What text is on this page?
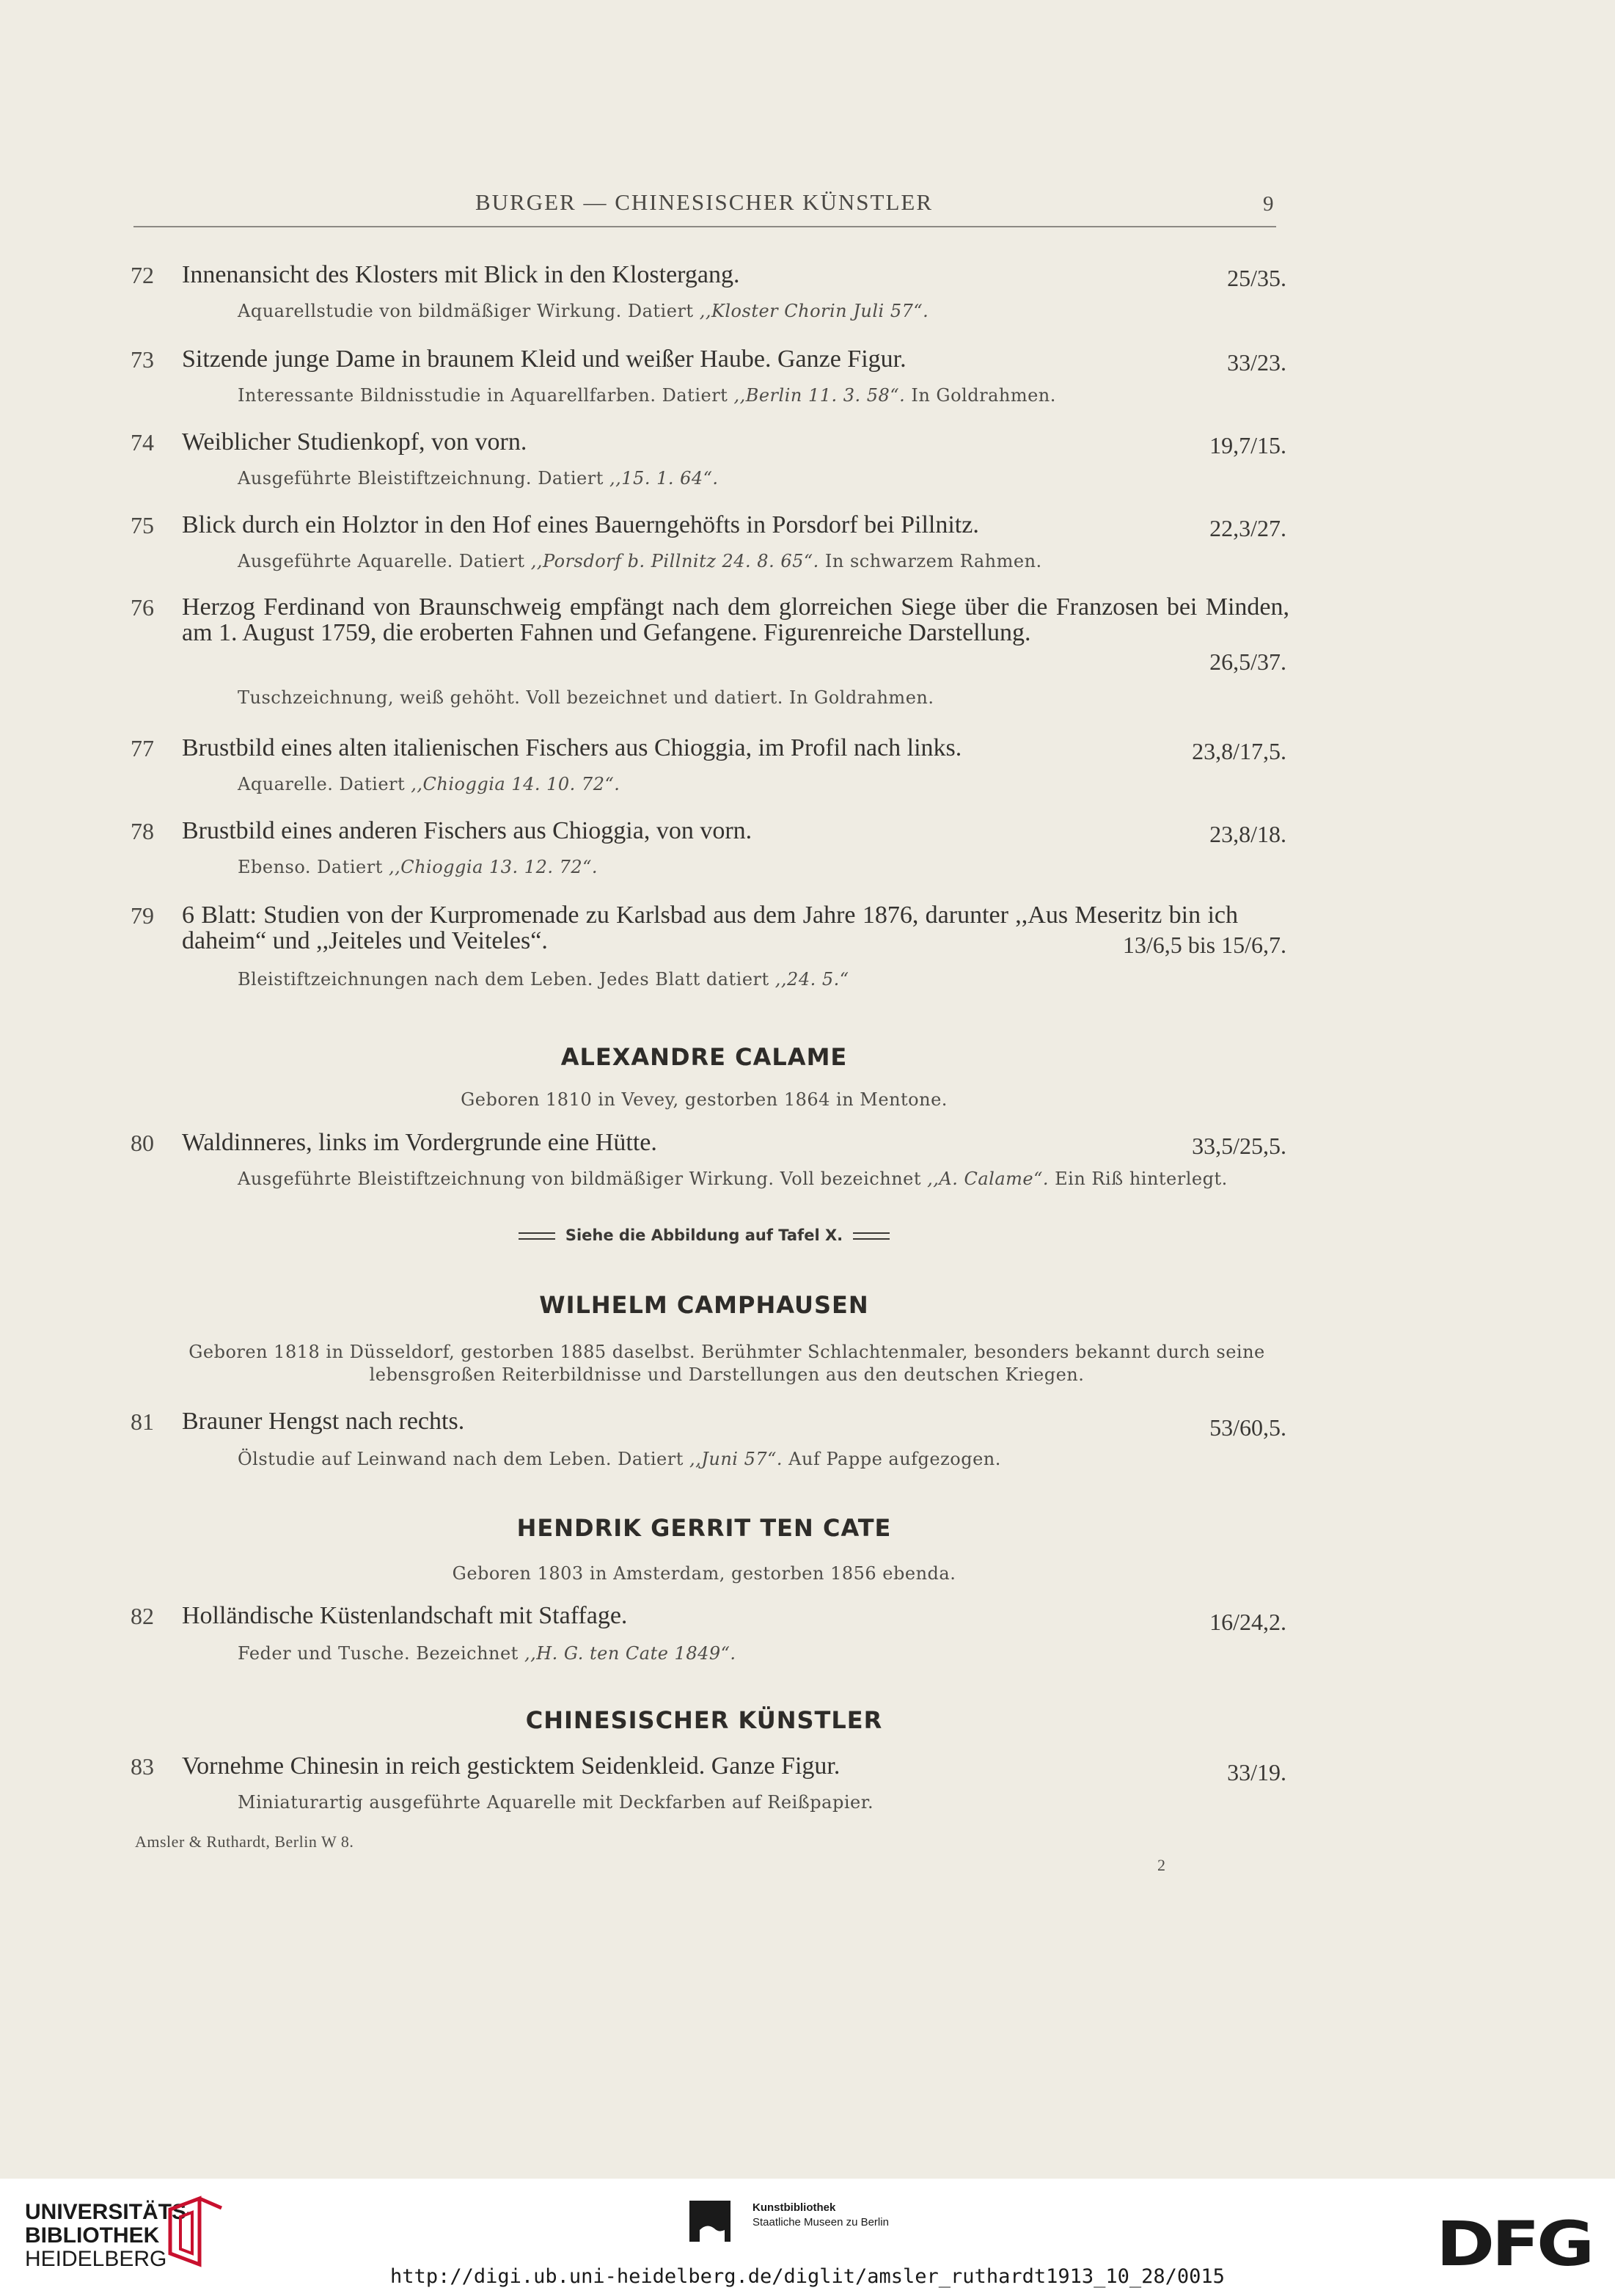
BURGER — CHINESISCHER KÜNSTLER	9
72 Innenansicht des Klosters mit Blick in den Klostergang.	25/35.
Aquarellstudie von bildmäßiger Wirkung. Datiert ,,Kloster Chorin Juli 57“.
73 Sitzende junge Dame in braunem Kleid und weißer Haube. Ganze Figur.	33/23.
Interessante Bildnisstudie in Aquarellfarben. Datiert ,,Berlin 11. 3. 58“. In Goldrahmen.
74 Weiblicher Studienkopf, von vorn.	19,7/15.
Ausgeführte Bleistiftzeichnung. Datiert ,,15. 1. 64“.
75 Blick durch ein Holztor in den Hof eines Bauerngehöfts in Porsdorf bei Pillnitz.	22,3/27.
Ausgeführte Aquarelle. Datiert ,,Porsdorf b. Pillnitz 24. 8. 65“. In schwarzem Rahmen.
76 Herzog Ferdinand von Braunschweig empfängt nach dem glorreichen Siege über die Franzosen bei Minden, am 1. August 1759, die eroberten Fahnen und Gefangene. Figurenreiche Darstellung.
26,5/37.
Tuschzeichnung, weiß gehöht. Voll bezeichnet und datiert. In Goldrahmen.
77 Brustbild eines alten italienischen Fischers aus Chioggia, im Profil nach links.	23,8/17,5.
Aquarelle. Datiert ,,Chioggia 14. 10. 72“.
78 Brustbild eines anderen Fischers aus Chioggia, von vorn.	23,8/18.
Ebenso. Datiert ,,Chioggia 13. 12. 72“.
79 6 Blatt: Studien von der Kurpromenade zu Karlsbad aus dem Jahre 1876, darunter ,,Aus Meseritz bin ich daheim“ und ,,Jeiteles und Veiteles“.	13/6,5 bis 15/6,7.
Bleistiftzeichnungen nach dem Leben. Jedes Blatt datiert ,,24. 5.“
ALEXANDRE CALAME
Geboren 1810 in Vevey, gestorben 1864 in Mentone.
80 Waldinneres, links im Vordergrunde eine Hütte.	33,5/25,5.
Ausgeführte Bleistiftzeichnung von bildmäßiger Wirkung. Voll bezeichnet ,,A. Calame“. Ein Riß hinterlegt.
Siehe die Abbildung auf Tafel X.
WILHELM CAMPHAUSEN
Geboren 1818 in Düsseldorf, gestorben 1885 daselbst. Berühmter Schlachtenmaler, besonders bekannt durch seine lebensgroßen Reiterbildnisse und Darstellungen aus den deutschen Kriegen.
81 Brauner Hengst nach rechts.	53/60,5.
Ölstudie auf Leinwand nach dem Leben. Datiert ,,Juni 57“. Auf Pappe aufgezogen.
HENDRIK GERRIT TEN CATE
Geboren 1803 in Amsterdam, gestorben 1856 ebenda.
82 Holländische Küstenlandschaft mit Staffage.	16/24,2.
Feder und Tusche. Bezeichnet ,,H. G. ten Cate 1849“.
CHINESISCHER KÜNSTLER
83 Vornehme Chinesin in reich gesticktem Seidenkleid. Ganze Figur.	33/19.
Miniaturartig ausgeführte Aquarelle mit Deckfarben auf Reißpapier.
Amsler & Ruthardt, Berlin W 8.
2
UNIVERSITÄTS-
BIBLIOTHEK
HEIDELBERG
Kunstbibliothek
Staatliche Museen zu Berlin	DFG
http://digi.ub.uni-heidelberg.de/diglit/amsler_ruthardt1913_10_28/0015
